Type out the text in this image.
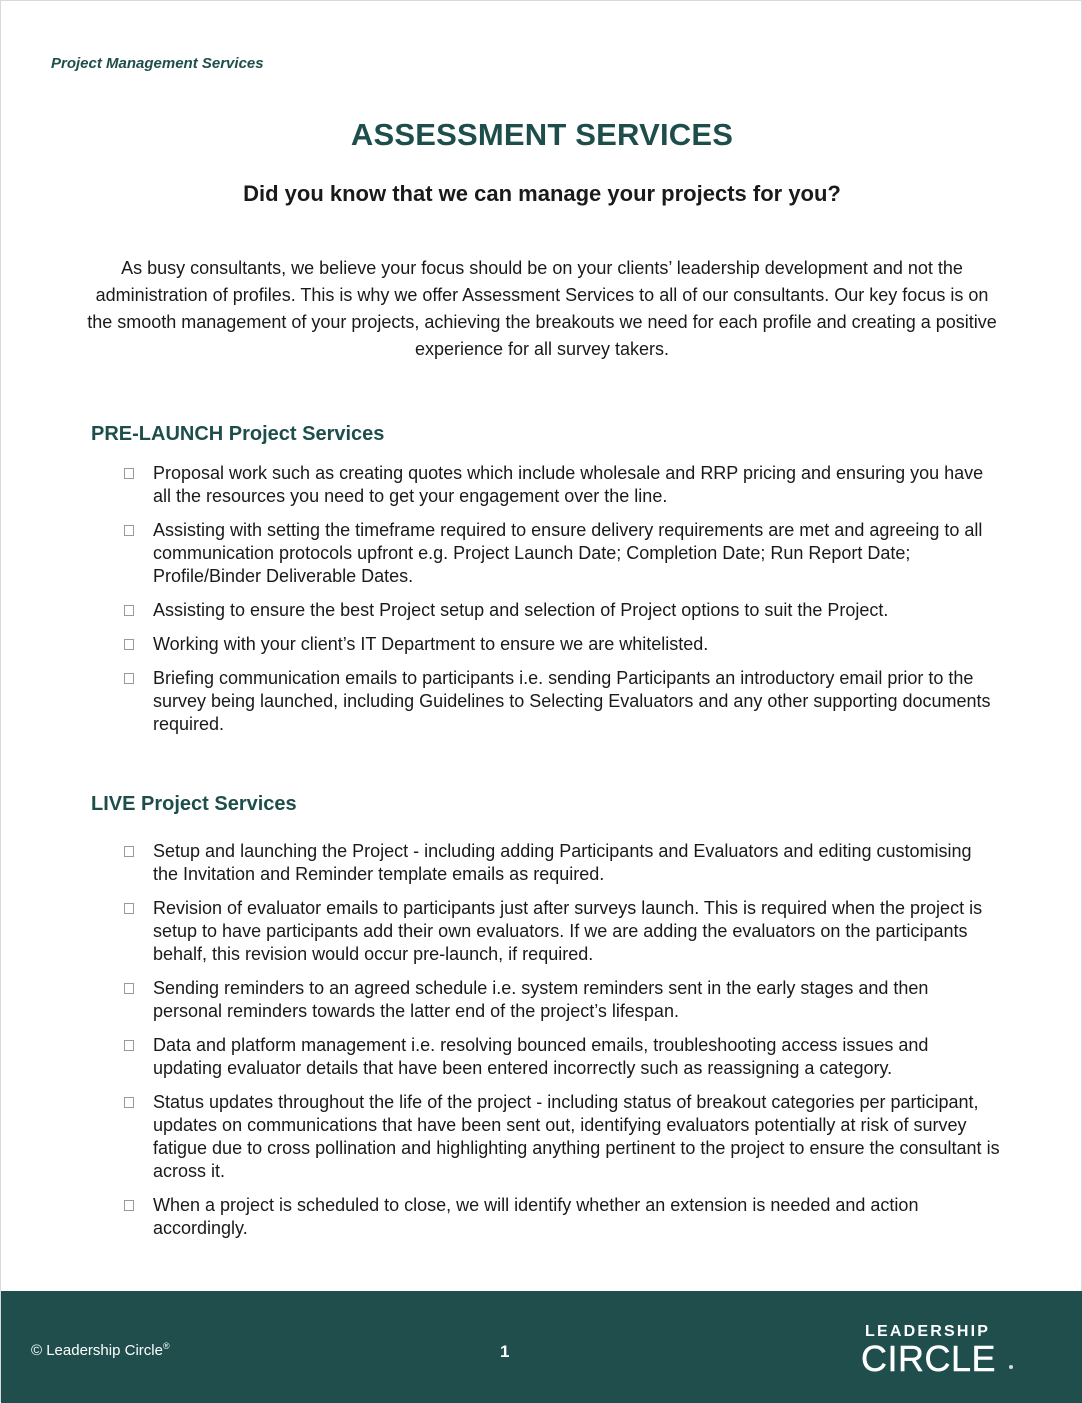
Project Management Services
ASSESSMENT SERVICES
Did you know that we can manage your projects for you?
As busy consultants, we believe your focus should be on your clients’ leadership development and not the administration of profiles. This is why we offer Assessment Services to all of our consultants. Our key focus is on the smooth management of your projects, achieving the breakouts we need for each profile and creating a positive experience for all survey takers.
PRE-LAUNCH Project Services
Proposal work such as creating quotes which include wholesale and RRP pricing and ensuring you have all the resources you need to get your engagement over the line.
Assisting with setting the timeframe required to ensure delivery requirements are met and agreeing to all communication protocols upfront e.g. Project Launch Date; Completion Date; Run Report Date; Profile/Binder Deliverable Dates.
Assisting to ensure the best Project setup and selection of Project options to suit the Project.
Working with your client’s IT Department to ensure we are whitelisted.
Briefing communication emails to participants i.e. sending Participants an introductory email prior to the survey being launched, including Guidelines to Selecting Evaluators and any other supporting documents required.
LIVE Project Services
Setup and launching the Project - including adding Participants and Evaluators and editing customising the Invitation and Reminder template emails as required.
Revision of evaluator emails to participants just after surveys launch. This is required when the project is setup to have participants add their own evaluators. If we are adding the evaluators on the participants behalf, this revision would occur pre-launch, if required.
Sending reminders to an agreed schedule i.e. system reminders sent in the early stages and then personal reminders towards the latter end of the project’s lifespan.
Data and platform management i.e. resolving bounced emails, troubleshooting access issues and updating evaluator details that have been entered incorrectly such as reassigning a category.
Status updates throughout the life of the project - including status of breakout categories per participant, updates on communications that have been sent out, identifying evaluators potentially at risk of survey fatigue due to cross pollination and highlighting anything pertinent to the project to ensure the consultant is across it.
When a project is scheduled to close, we will identify whether an extension is needed and action accordingly.
© Leadership Circle®	1
LEADERSHIP
CIRCLE
